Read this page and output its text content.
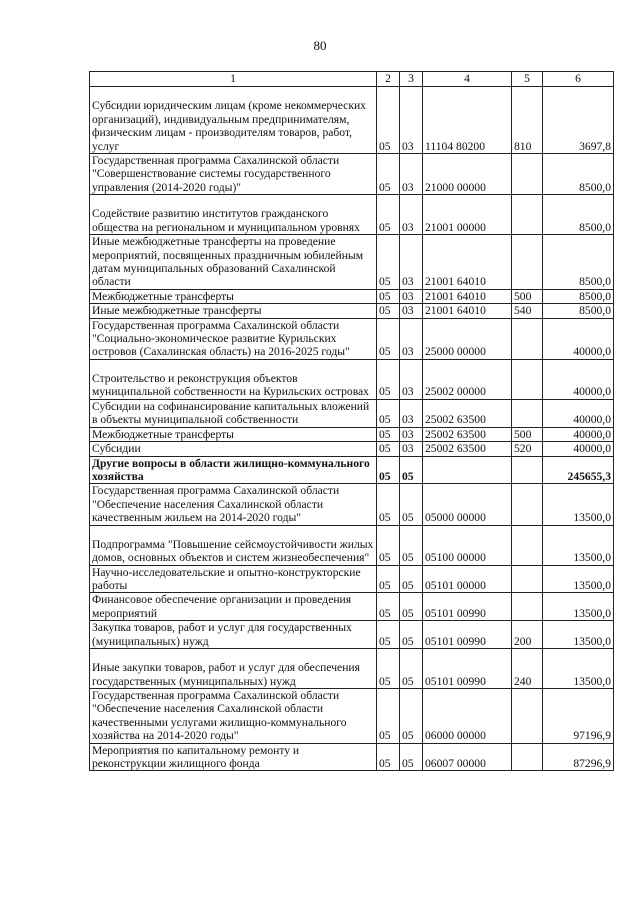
80
1	2	3	4	5	6
Субсидии юридическим лицам (кроме некоммерческих организаций), индивидуальным предпринимателям, физическим лицам - производителям товаров, работ, услуг	05	03	11104 80200	810	3697,8
Государственная программа Сахалинской области "Совершенствование системы государственного управления (2014-2020 годы)"	05	03	21000 00000		8500,0
Содействие развитию институтов гражданского общества на региональном и муниципальном уровнях	05	03	21001 00000		8500,0
Иные межбюджетные трансферты на проведение мероприятий, посвященных праздничным юбилейным датам муниципальных образований Сахалинской области	05	03	21001 64010		8500,0
Межбюджетные трансферты	05	03	21001 64010	500	8500,0
Иные межбюджетные трансферты	05	03	21001 64010	540	8500,0
Государственная программа Сахалинской области "Социально-экономическое развитие Курильских островов (Сахалинская область) на 2016-2025 годы"	05	03	25000 00000		40000,0
Строительство и реконструкция объектов муниципальной собственности на Курильских островах	05	03	25002 00000		40000,0
Субсидии на софинансирование капитальных вложений в объекты муниципальной собственности	05	03	25002 63500		40000,0
Межбюджетные трансферты	05	03	25002 63500	500	40000,0
Субсидии	05	03	25002 63500	520	40000,0
Другие вопросы в области жилищно-коммунального хозяйства	05	05			245655,3
Государственная программа Сахалинской области "Обеспечение населения Сахалинской области качественным жильем на 2014-2020 годы"	05	05	05000 00000		13500,0
Подпрограмма "Повышение сейсмоустойчивости жилых домов, основных объектов и систем жизнеобеспечения"	05	05	05100 00000		13500,0
Научно-исследовательские и опытно-конструкторские работы	05	05	05101 00000		13500,0
Финансовое обеспечение организации и проведения мероприятий	05	05	05101 00990		13500,0
Закупка товаров, работ и услуг для государственных (муниципальных) нужд	05	05	05101 00990	200	13500,0
Иные закупки товаров, работ и услуг для обеспечения государственных (муниципальных) нужд	05	05	05101 00990	240	13500,0
Государственная программа Сахалинской области "Обеспечение населения Сахалинской области качественными услугами жилищно-коммунального хозяйства на 2014-2020 годы"	05	05	06000 00000		97196,9
Мероприятия по капитальному ремонту и реконструкции жилищного фонда	05	05	06007 00000		87296,9
